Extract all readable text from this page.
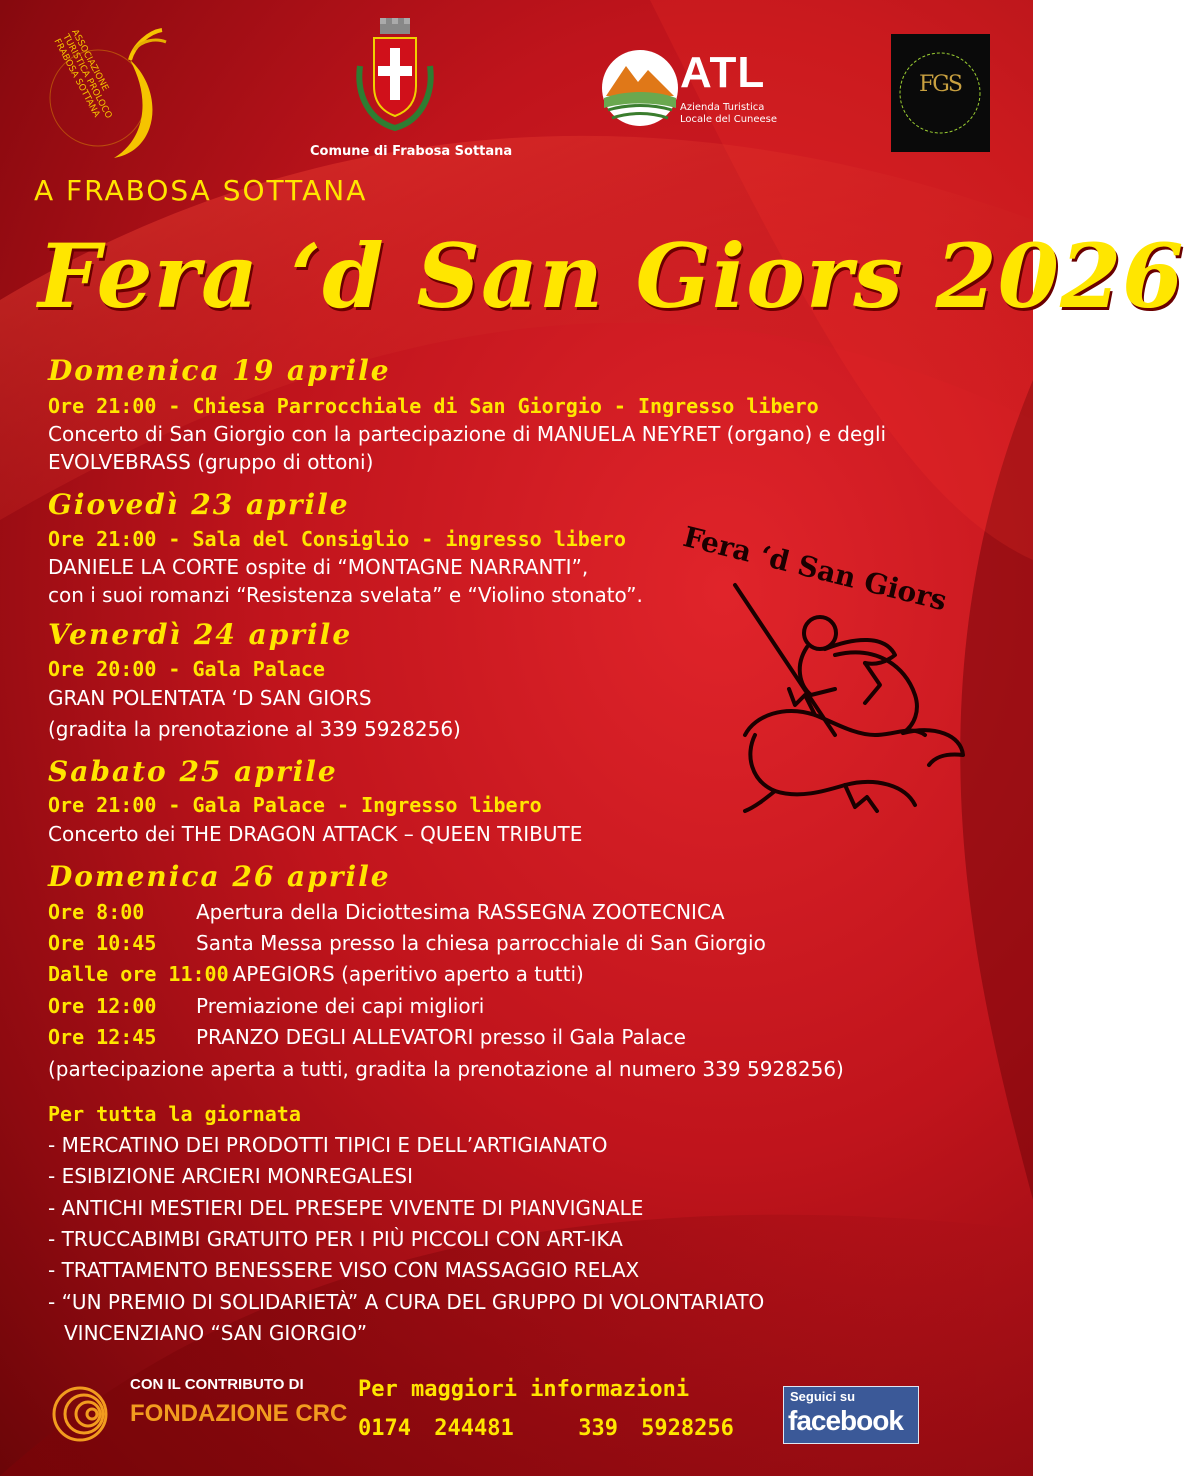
ASSOCIAZIONE TURISTICA PROLOCO FRABOSA SOTTANA
Comune di Frabosa Sottana
ATL
Azienda Turistica
Locale del Cuneese
FGS
A FRABOSA SOTTANA
Fera ‘d San Giors 2026
Domenica 19 aprile
Ore 21:00 - Chiesa Parrocchiale di San Giorgio - Ingresso libero
Concerto di San Giorgio con la partecipazione di MANUELA NEYRET (organo) e degli
EVOLVEBRASS (gruppo di ottoni)
Giovedì 23 aprile
Ore 21:00 - Sala del Consiglio - ingresso libero
DANIELE LA CORTE ospite di “MONTAGNE NARRANTI”,
con i suoi romanzi “Resistenza svelata” e “Violino stonato”.
Venerdì 24 aprile
Ore 20:00 - Gala Palace
GRAN POLENTATA ‘D SAN GIORS
(gradita la prenotazione al 339 5928256)
Sabato 25 aprile
Ore 21:00 - Gala Palace - Ingresso libero
Concerto dei THE DRAGON ATTACK – QUEEN TRIBUTE
Domenica 26 aprile
Ore 8:00	Apertura della Diciottesima RASSEGNA ZOOTECNICA
Ore 10:45 Santa Messa presso la chiesa parrocchiale di San Giorgio
Dalle ore 11:00 APEGIORS (aperitivo aperto a tutti)
Ore 12:00 Premiazione dei capi migliori
Ore 12:45 PRANZO DEGLI ALLEVATORI presso il Gala Palace
(partecipazione aperta a tutti, gradita la prenotazione al numero 339 5928256)
Per tutta la giornata
- MERCATINO DEI PRODOTTI TIPICI E DELL’ARTIGIANATO
- ESIBIZIONE ARCIERI MONREGALESI
- ANTICHI MESTIERI DEL PRESEPE VIVENTE DI PIANVIGNALE
- TRUCCABIMBI GRATUITO PER I PIÙ PICCOLI CON ART-IKA
- TRATTAMENTO BENESSERE VISO CON MASSAGGIO RELAX
- “UN PREMIO DI SOLIDARIETÀ” A CURA DEL GRUPPO DI VOLONTARIATO
VINCENZIANO “SAN GIORGIO”
Fera ‘d San Giors
CON IL CONTRIBUTO DI
FONDAZIONE CRC
Per maggiori informazioni
0174 244481	339 5928256
Seguici su
facebook
